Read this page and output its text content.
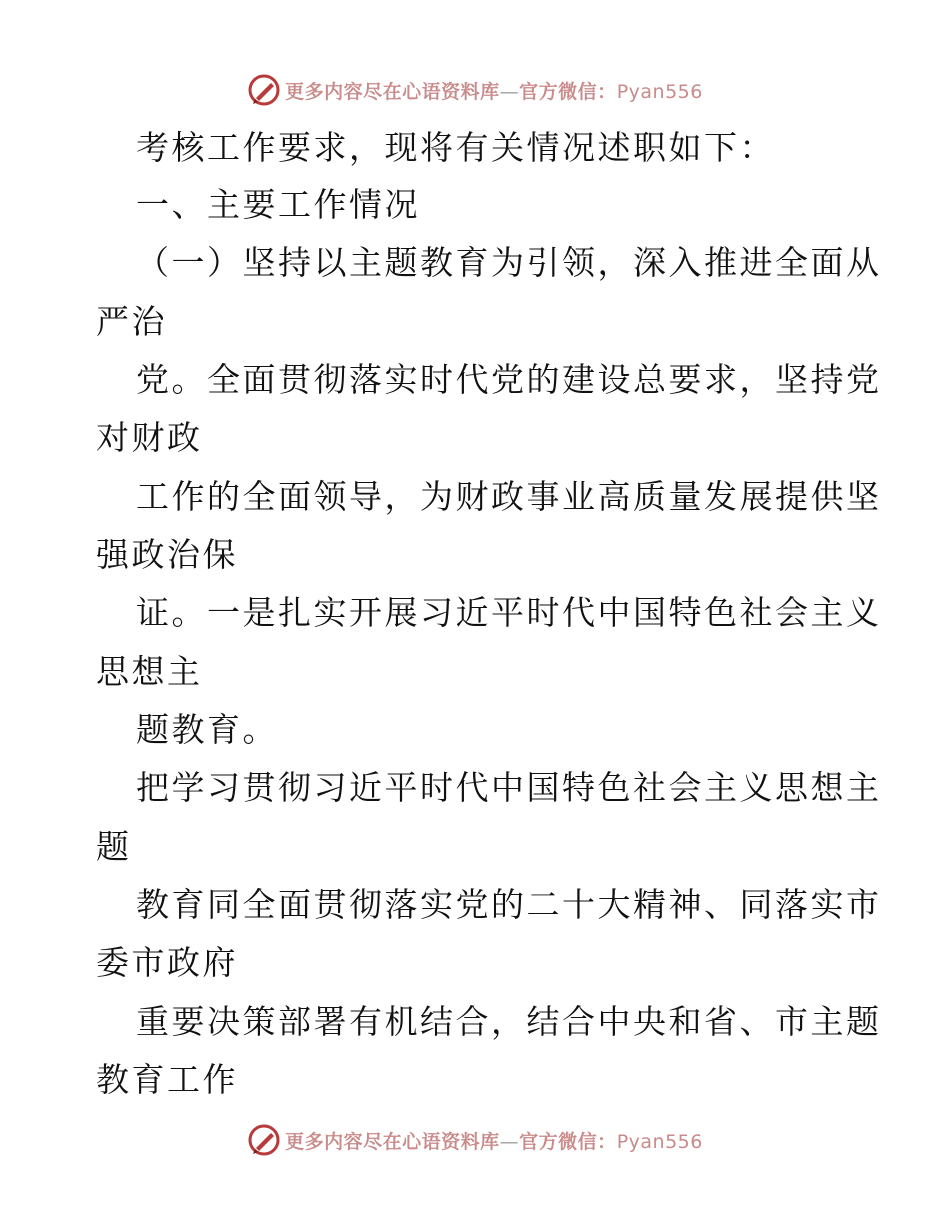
更多内容尽在心语资料库—官方微信：Pyan556
考核工作要求，现将有关情况述职如下：
一、主要工作情况
（一）坚持以主题教育为引领，深入推进全面从
严治
党。全面贯彻落实时代党的建设总要求，坚持党
对财政
工作的全面领导，为财政事业高质量发展提供坚
强政治保
证。一是扎实开展习近平时代中国特色社会主义
思想主
题教育。
把学习贯彻习近平时代中国特色社会主义思想主
题
教育同全面贯彻落实党的二十大精神、同落实市
委市政府
重要决策部署有机结合，结合中央和省、市主题
教育工作
更多内容尽在心语资料库—官方微信：Pyan556
